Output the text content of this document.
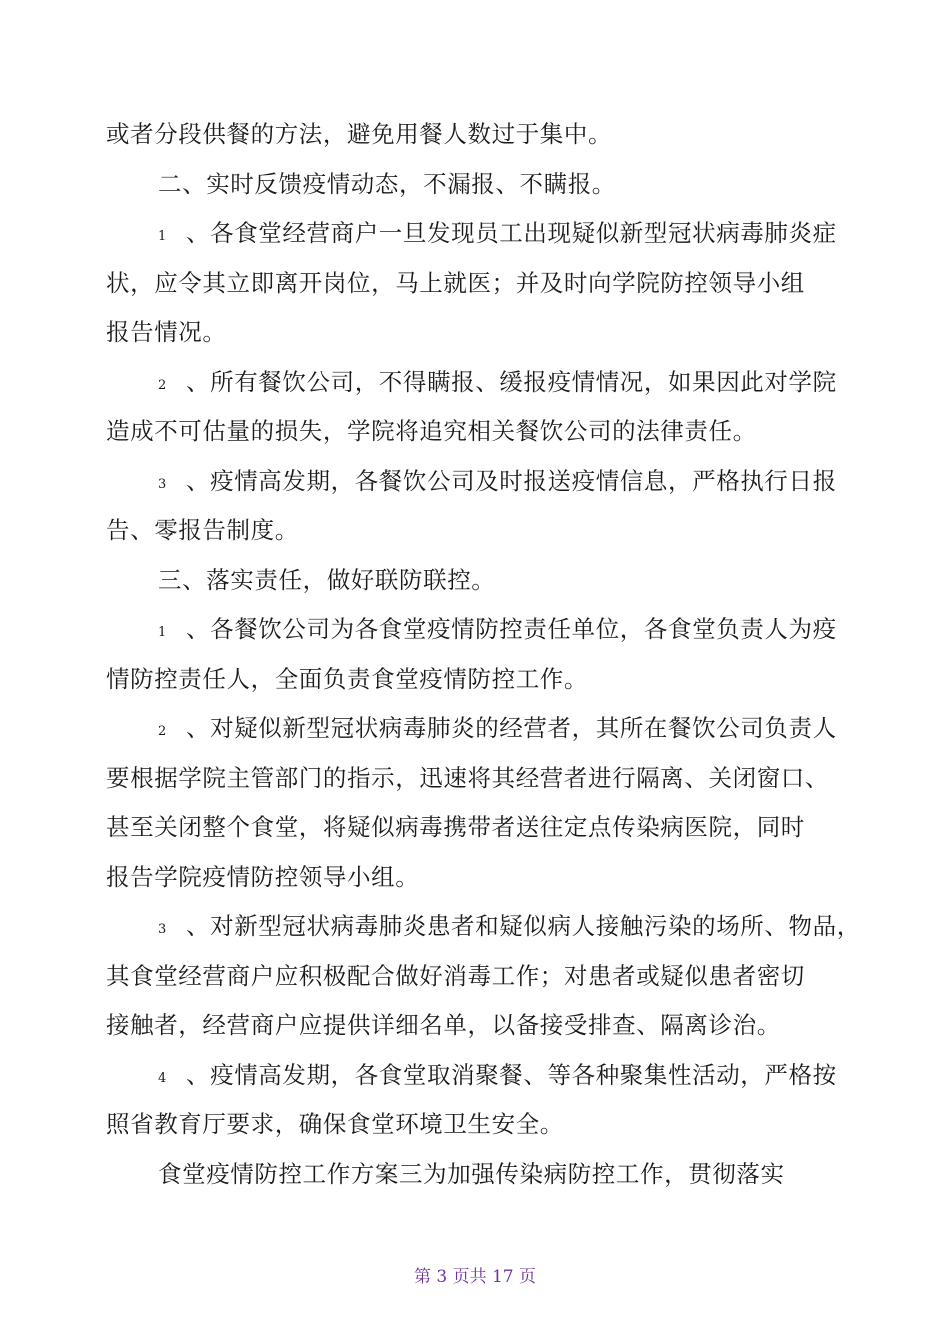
或者分段供餐的方法，避免用餐人数过于集中。
二、实时反馈疫情动态，不漏报、不瞒报。
1 、各食堂经营商户一旦发现员工出现疑似新型冠状病毒肺炎症
状，应令其立即离开岗位，马上就医；并及时向学院防控领导小组
报告情况。
2 、所有餐饮公司，不得瞒报、缓报疫情情况，如果因此对学院
造成不可估量的损失，学院将追究相关餐饮公司的法律责任。
3 、疫情高发期，各餐饮公司及时报送疫情信息，严格执行日报
告、零报告制度。
三、落实责任，做好联防联控。
1 、各餐饮公司为各食堂疫情防控责任单位，各食堂负责人为疫
情防控责任人，全面负责食堂疫情防控工作。
2 、对疑似新型冠状病毒肺炎的经营者，其所在餐饮公司负责人
要根据学院主管部门的指示，迅速将其经营者进行隔离、关闭窗口、
甚至关闭整个食堂，将疑似病毒携带者送往定点传染病医院，同时
报告学院疫情防控领导小组。
3 、对新型冠状病毒肺炎患者和疑似病人接触污染的场所、物品，
其食堂经营商户应积极配合做好消毒工作；对患者或疑似患者密切
接触者，经营商户应提供详细名单，以备接受排查、隔离诊治。
4 、疫情高发期，各食堂取消聚餐、等各种聚集性活动，严格按
照省教育厅要求，确保食堂环境卫生安全。
食堂疫情防控工作方案三为加强传染病防控工作，贯彻落实

第 3 页共 17 页
